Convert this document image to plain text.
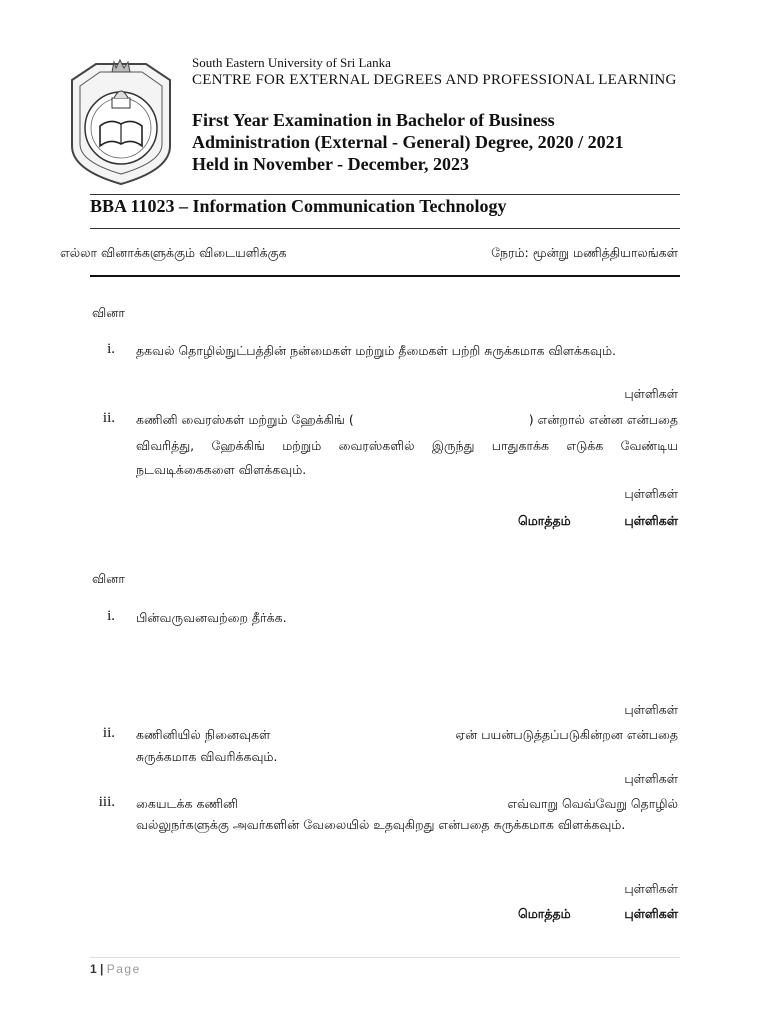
South Eastern University of Sri Lanka
CENTRE FOR EXTERNAL DEGREES AND PROFESSIONAL LEARNING
First Year Examination in Bachelor of Business
Administration (External - General) Degree, 2020 / 2021
Held in November - December, 2023
BBA 11023 – Information Communication Technology
எல்லா வினாக்களுக்கும் விடையளிக்குக	நேரம்: மூன்று மணித்தியாலங்கள்
வினா
i. தகவல் தொழில்நுட்பத்தின் நன்மைகள் மற்றும் தீமைகள் பற்றி சுருக்கமாக விளக்கவும்.
புள்ளிகள்
ii. கணினி வைரஸ்கள் மற்றும் ஹேக்கிங் (	) என்றால் என்ன என்பதை
விவரித்து, ஹேக்கிங் மற்றும் வைரஸ்களில் இருந்து பாதுகாக்க எடுக்க வேண்டிய நடவடிக்கைகளை விளக்கவும்.
புள்ளிகள்
மொத்தம்	புள்ளிகள்
வினா
i. பின்வருவனவற்றை தீர்க்க.
புள்ளிகள்
ii. கணினியில் நினைவுகள்	ஏன் பயன்படுத்தப்படுகின்றன என்பதை
சுருக்கமாக விவரிக்கவும்.
புள்ளிகள்
iii. கையடக்க கணினி	எவ்வாறு வெவ்வேறு தொழில்
வல்லுநர்களுக்கு அவர்களின் வேலையில் உதவுகிறது என்பதை சுருக்கமாக விளக்கவும்.
புள்ளிகள்
மொத்தம்	புள்ளிகள்
1 | Page
